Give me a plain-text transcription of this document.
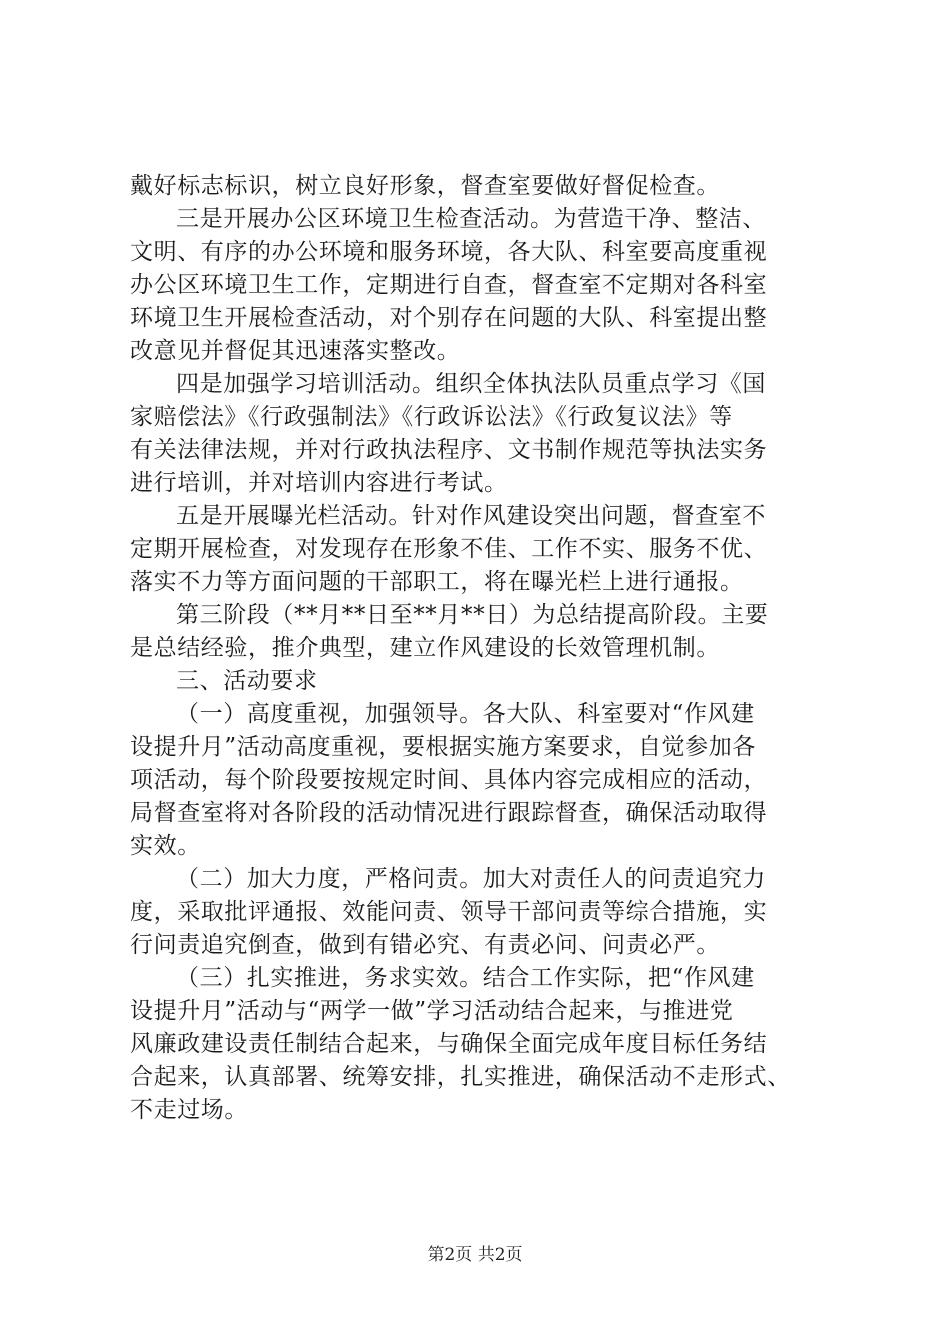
戴好标志标识，树立良好形象，督查室要做好督促检查。
三是开展办公区环境卫生检查活动。为营造干净、整洁、
文明、有序的办公环境和服务环境，各大队、科室要高度重视
办公区环境卫生工作，定期进行自查，督查室不定期对各科室
环境卫生开展检查活动，对个别存在问题的大队、科室提出整
改意见并督促其迅速落实整改。
四是加强学习培训活动。组织全体执法队员重点学习《国
家赔偿法》《行政强制法》《行政诉讼法》《行政复议法》等
有关法律法规，并对行政执法程序、文书制作规范等执法实务
进行培训，并对培训内容进行考试。
五是开展曝光栏活动。针对作风建设突出问题，督查室不
定期开展检查，对发现存在形象不佳、工作不实、服务不优、
落实不力等方面问题的干部职工，将在曝光栏上进行通报。
第三阶段（**月**日至**月**日）为总结提高阶段。主要
是总结经验，推介典型，建立作风建设的长效管理机制。
三、活动要求
（一）高度重视，加强领导。各大队、科室要对“作风建
设提升月”活动高度重视，要根据实施方案要求，自觉参加各
项活动，每个阶段要按规定时间、具体内容完成相应的活动，
局督查室将对各阶段的活动情况进行跟踪督查，确保活动取得
实效。
（二）加大力度，严格问责。加大对责任人的问责追究力
度，采取批评通报、效能问责、领导干部问责等综合措施，实
行问责追究倒查，做到有错必究、有责必问、问责必严。
（三）扎实推进，务求实效。结合工作实际，把“作风建
设提升月”活动与“两学一做”学习活动结合起来，与推进党
风廉政建设责任制结合起来，与确保全面完成年度目标任务结
合起来，认真部署、统筹安排，扎实推进，确保活动不走形式、
不走过场。
第2页 共2页
